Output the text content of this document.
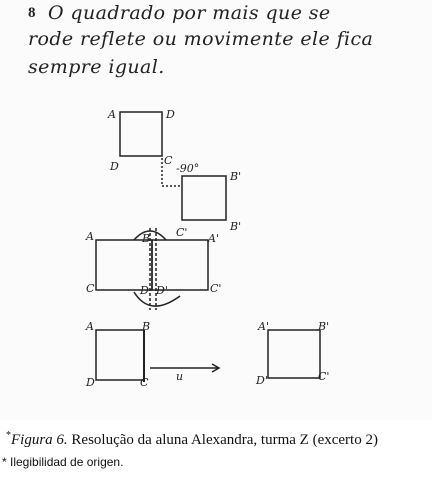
8 O quadrado por mais que se
rode reflete ou movimente ele fica
sempre igual.
A	D
D	C
-90°
B'
B'
A	B C' A'
C	D D'	C'
A	B
D	C	u
A'	B'
D'	C'
*Figura 6. Resolução da aluna Alexandra, turma Z (excerto 2)
* Ilegibilidad de origen.
